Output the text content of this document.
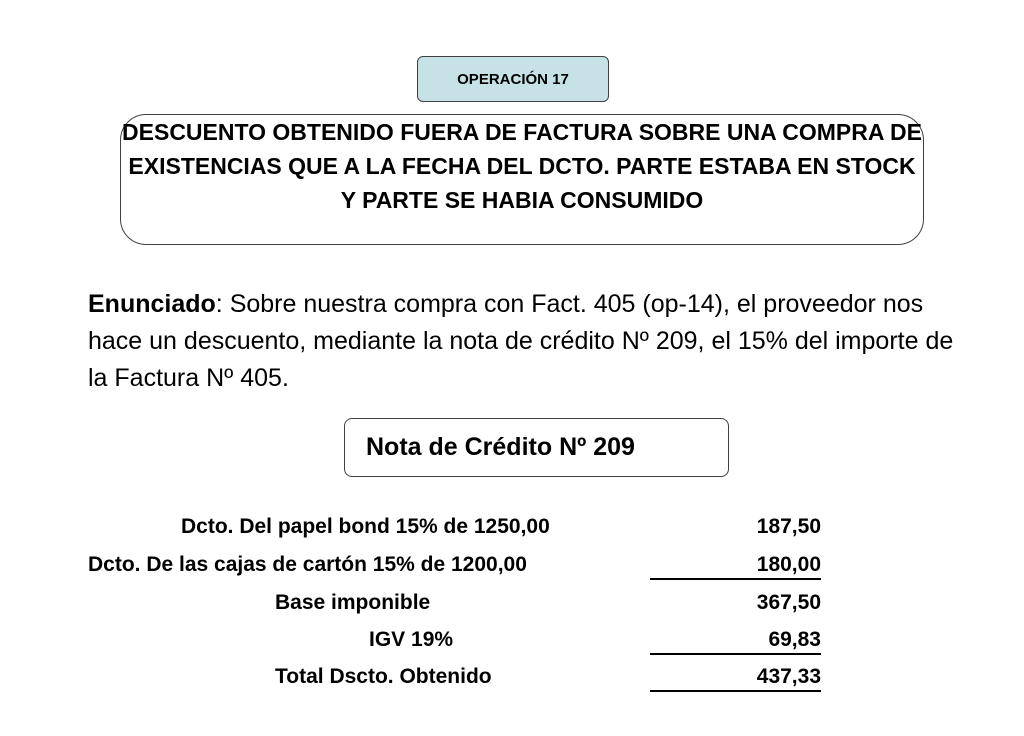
OPERACIÓN 17
DESCUENTO OBTENIDO FUERA DE FACTURA SOBRE UNA COMPRA DE EXISTENCIAS QUE A LA FECHA DEL DCTO. PARTE ESTABA EN STOCK Y PARTE SE HABIA CONSUMIDO
Enunciado: Sobre nuestra compra con Fact. 405 (op-14), el proveedor nos hace un descuento, mediante la nota de crédito Nº 209, el 15% del importe de la Factura Nº 405.
Nota de Crédito Nº 209
Dcto. Del papel bond 15% de 1250,00	187,50
Dcto. De las cajas de cartón 15% de 1200,00	180,00
Base imponible	367,50
IGV 19%	69,83
Total Dscto. Obtenido	437,33
